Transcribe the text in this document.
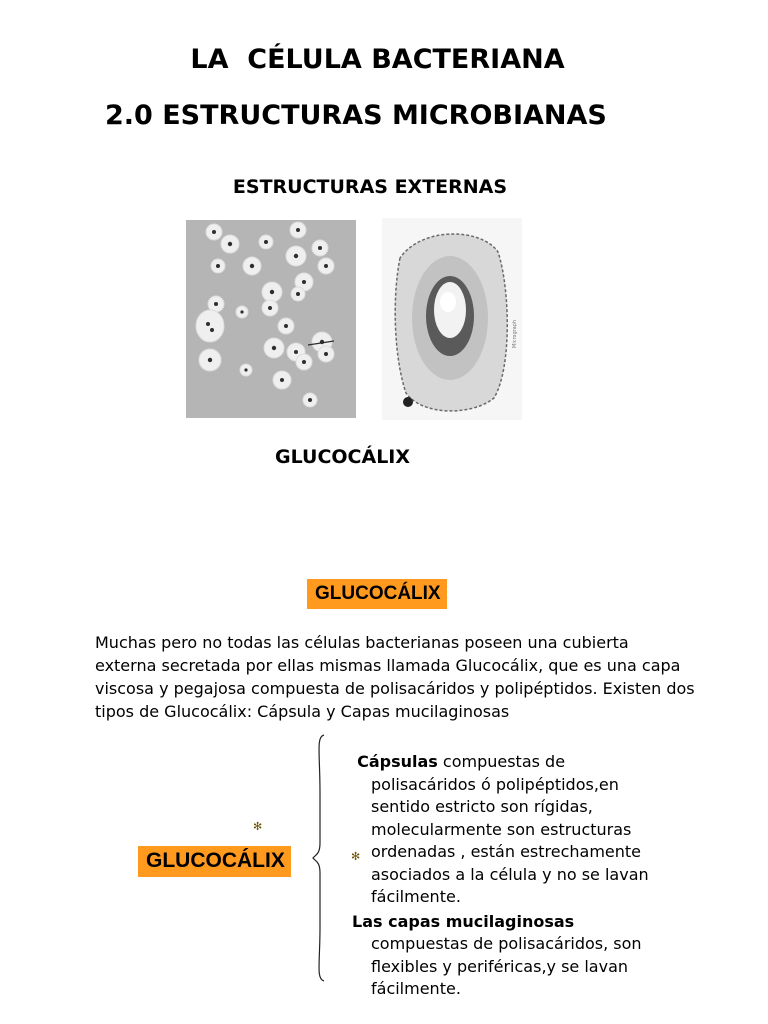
LA  CÉLULA BACTERIANA
2.0 ESTRUCTURAS MICROBIANAS
ESTRUCTURAS EXTERNAS
Micrograph
GLUCOCÁLIX
GLUCOCÁLIX
Muchas pero no todas las células bacterianas poseen una cubierta externa secretada por ellas mismas llamada Glucocálix, que es una capa viscosa y pegajosa compuesta de polisacáridos y polipéptidos. Existen dos tipos de Glucocálix: Cápsula y Capas mucilaginosas
✻
GLUCOCÁLIX	✻
Cápsulas compuestas de
polisacáridos ó polipéptidos,en
sentido estricto son rígidas,
molecularmente son estructuras
ordenadas , están estrechamente
asociados a la célula y no se lavan
fácilmente.
Las capas mucilaginosas
compuestas de polisacáridos, son
flexibles y periféricas,y se lavan
fácilmente.
